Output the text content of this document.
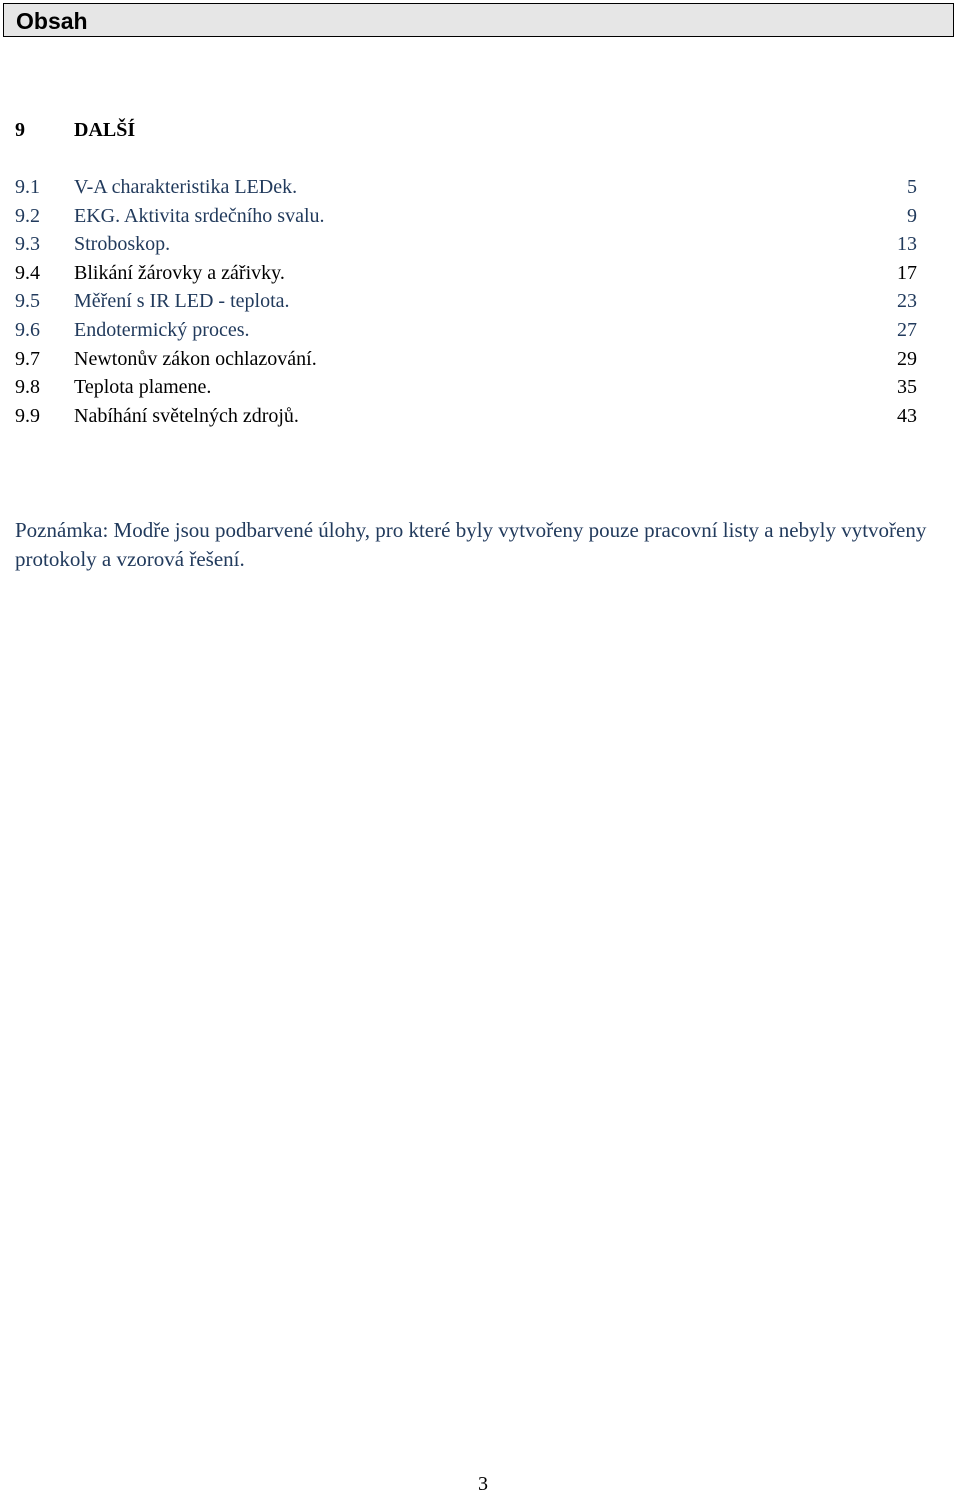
Obsah
9 DALŠÍ
9.1 V-A charakteristika LEDek.	5
9.2 EKG. Aktivita srdečního svalu.	9
9.3 Stroboskop.	13
9.4 Blikání žárovky a zářivky.	17
9.5 Měření s IR LED - teplota.	23
9.6 Endotermický proces.	27
9.7 Newtonův zákon ochlazování.	29
9.8 Teplota plamene.	35
9.9 Nabíhání světelných zdrojů.	43
Poznámka: Modře jsou podbarvené úlohy, pro které byly vytvořeny pouze pracovní listy a nebyly vytvořeny protokoly a vzorová řešení.
3
